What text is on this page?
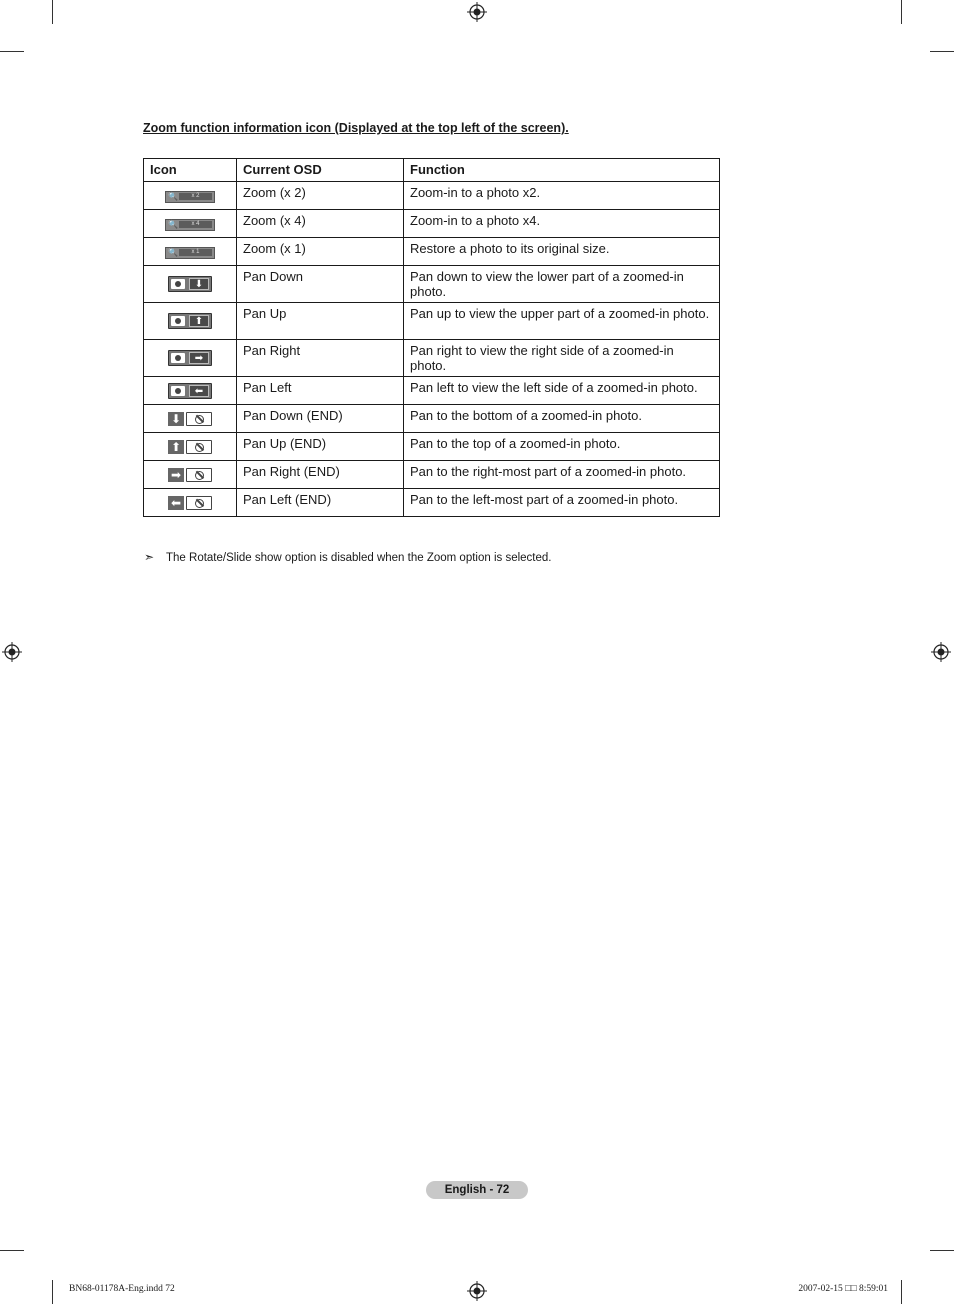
Zoom function information icon (Displayed at the top left of the screen).
Icon	Current OSD	Function

🔍 x 2	Zoom (x 2)	Zoom-in to a photo x2.

🔍 x 4	Zoom (x 4)	Zoom-in to a photo x4.

🔍 x 1	Zoom (x 1)	Restore a photo to its original size.

⬇	Pan Down	Pan down to view the lower part of a zoomed-in photo.

⬆	Pan Up	Pan up to view the upper part of a zoomed-in photo.

➡	Pan Right	Pan right to view the right side of a zoomed-in photo.

⬅	Pan Left	Pan left to view the left side of a zoomed-in photo.

⬇	Pan Down (END)	Pan to the bottom of a zoomed-in photo.

⬆	Pan Up (END)	Pan to the top of a zoomed-in photo.

➡	Pan Right (END)	Pan to the right-most part of a zoomed-in photo.

⬅	Pan Left (END)	Pan to the left-most part of a zoomed-in photo.
➣ The Rotate/Slide show option is disabled when the Zoom option is selected.
English - 72
BN68-01178A-Eng.indd 72	2007-02-15 □□ 8:59:01
